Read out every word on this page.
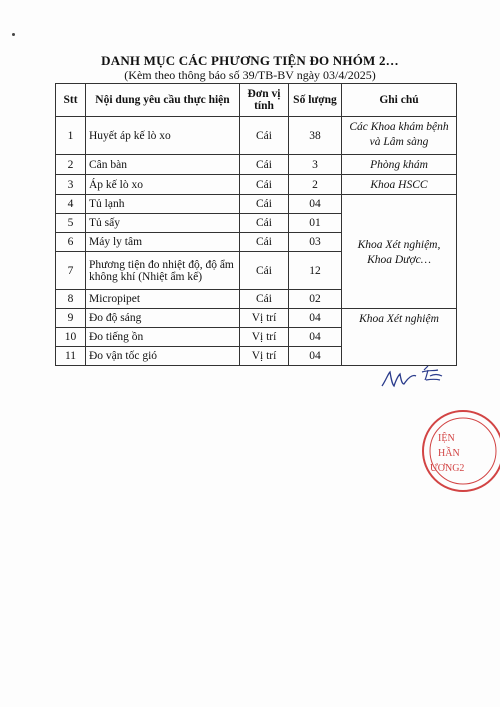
DANH MỤC CÁC PHƯƠNG TIỆN ĐO NHÓM 2…
(Kèm theo thông báo số 39/TB-BV ngày 03/4/2025)
Stt	Nội dung yêu cầu thực hiện	Đơn vị tính	Số lượng	Ghi chú
1	Huyết áp kế lò xo	Cái	38	Các Khoa khám bệnh và Lâm sàng
2	Cân bàn	Cái	3	Phòng khám
3	Áp kế lò xo	Cái	2	Khoa HSCC
4	Tủ lạnh	Cái	04	Khoa Xét nghiệm, Khoa Dược…
5	Tủ sấy	Cái	01	
6	Máy ly tâm	Cái	03	
7	Phương tiện đo nhiệt độ, độ ẩm không khí (Nhiệt ẩm kế)	Cái	12	
8	Micropipet	Cái	02	
9	Đo độ sáng	Vị trí	04	Khoa Xét nghiệm
10	Đo tiếng ồn	Vị trí	04	
11	Đo vận tốc gió	Vị trí	04	
IỆN
HẦN
ƯƠNG2
